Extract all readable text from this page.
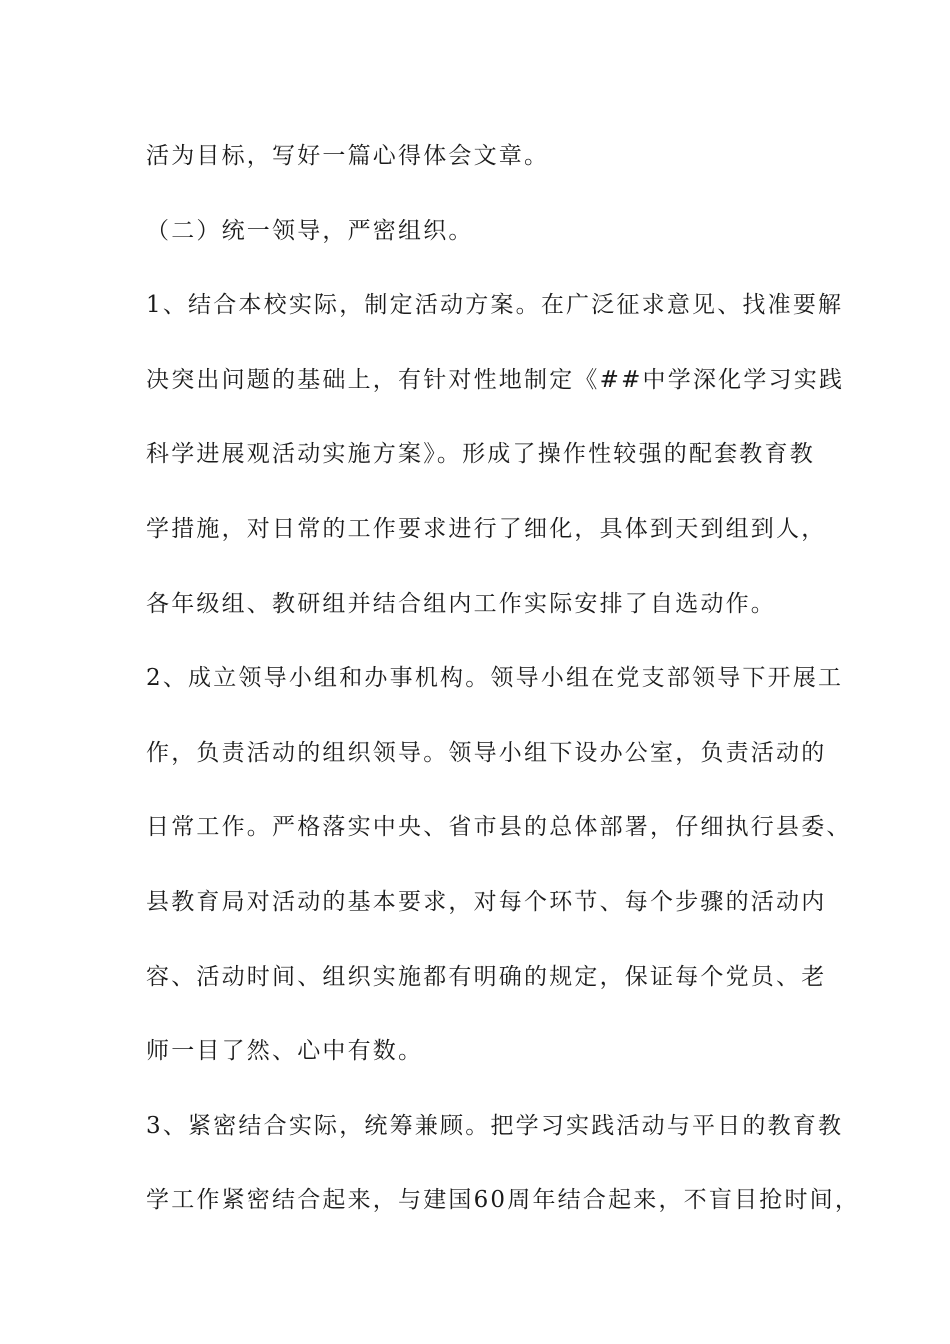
活为目标，写好一篇心得体会文章。

（二）统一领导，严密组织。

1、结合本校实际，制定活动方案。在广泛征求意见、找准要解

决突出问题的基础上，有针对性地制定《##中学深化学习实践

科学进展观活动实施方案》。形成了操作性较强的配套教育教

学措施，对日常的工作要求进行了细化，具体到天到组到人，

各年级组、教研组并结合组内工作实际安排了自选动作。

2、成立领导小组和办事机构。领导小组在党支部领导下开展工

作，负责活动的组织领导。领导小组下设办公室，负责活动的

日常工作。严格落实中央、省市县的总体部署，仔细执行县委、

县教育局对活动的基本要求，对每个环节、每个步骤的活动内

容、活动时间、组织实施都有明确的规定，保证每个党员、老

师一目了然、心中有数。

3、紧密结合实际，统筹兼顾。把学习实践活动与平日的教育教

学工作紧密结合起来，与建国60周年结合起来，不盲目抢时间，
